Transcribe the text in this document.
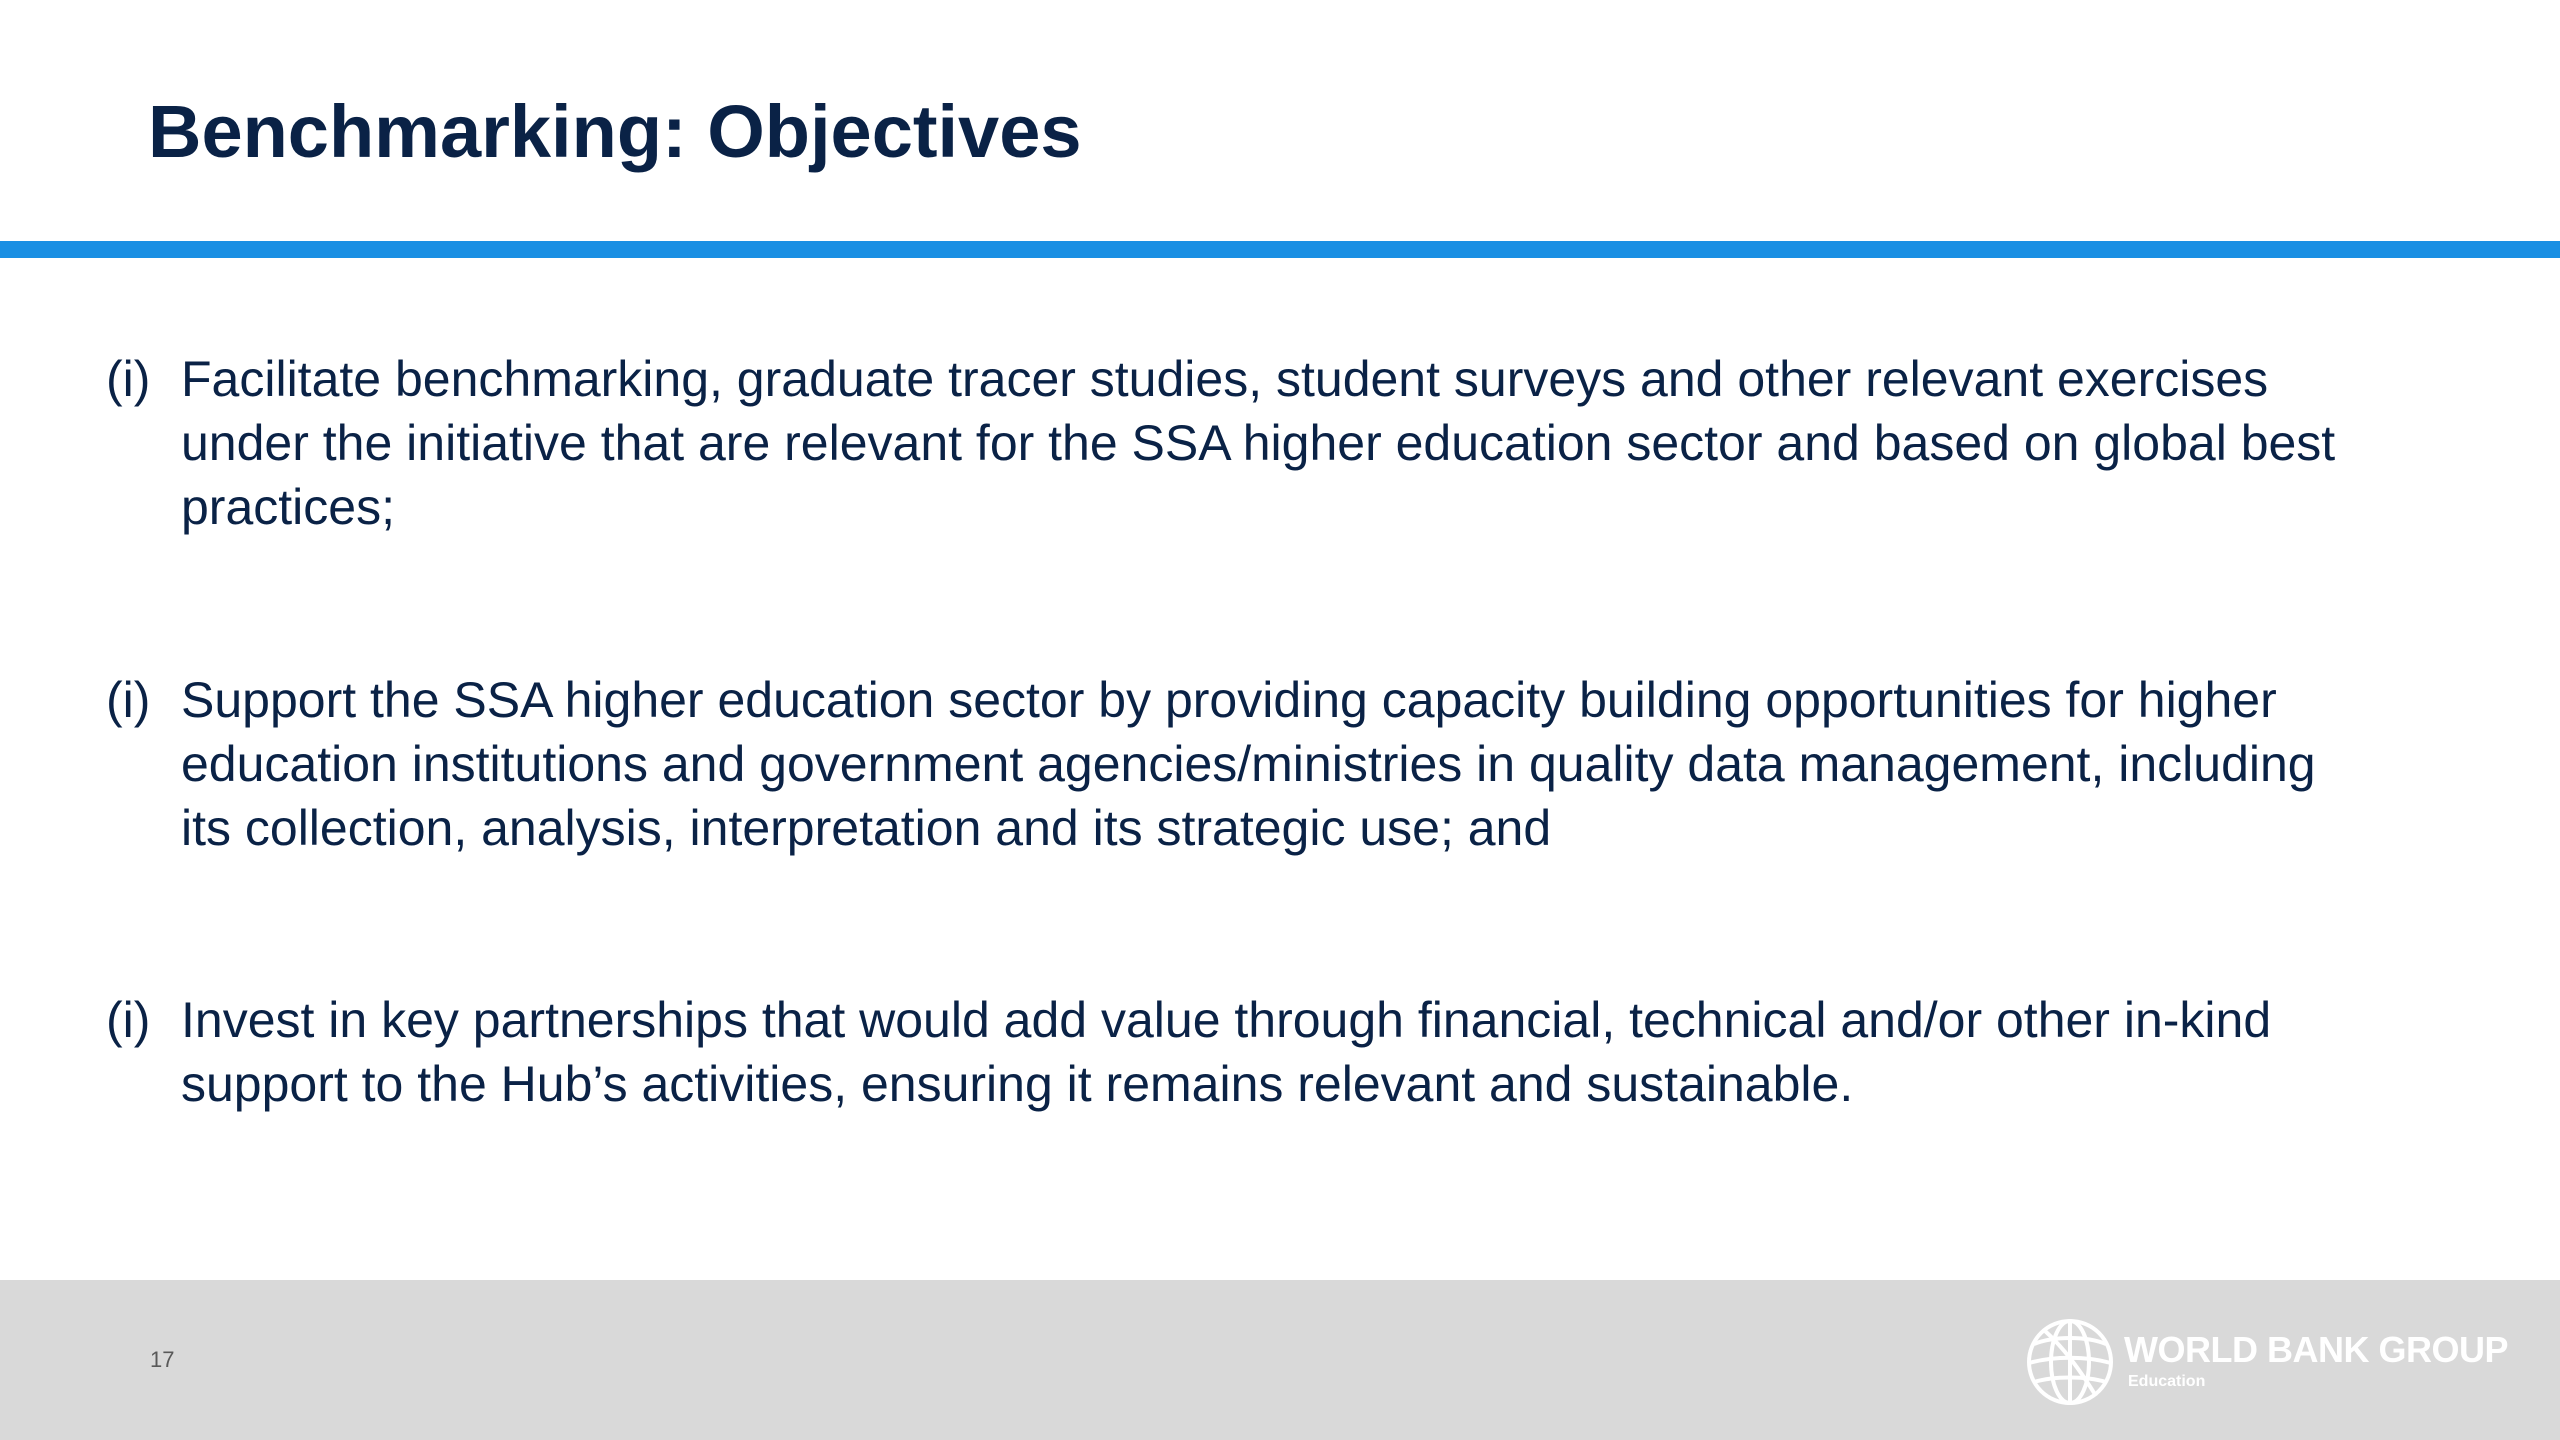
Benchmarking: Objectives
(i) Facilitate benchmarking, graduate tracer studies, student surveys and other relevant exercises under the initiative that are relevant for the SSA higher education sector and based on global best practices;
(i) Support the SSA higher education sector by providing capacity building opportunities for higher education institutions and government agencies/ministries in quality data management, including its collection, analysis, interpretation and its strategic use; and
(i) Invest in key partnerships that would add value through financial, technical and/or other in-kind support to the Hub’s activities, ensuring it remains relevant and sustainable.
17	WORLD BANK GROUP
Education
